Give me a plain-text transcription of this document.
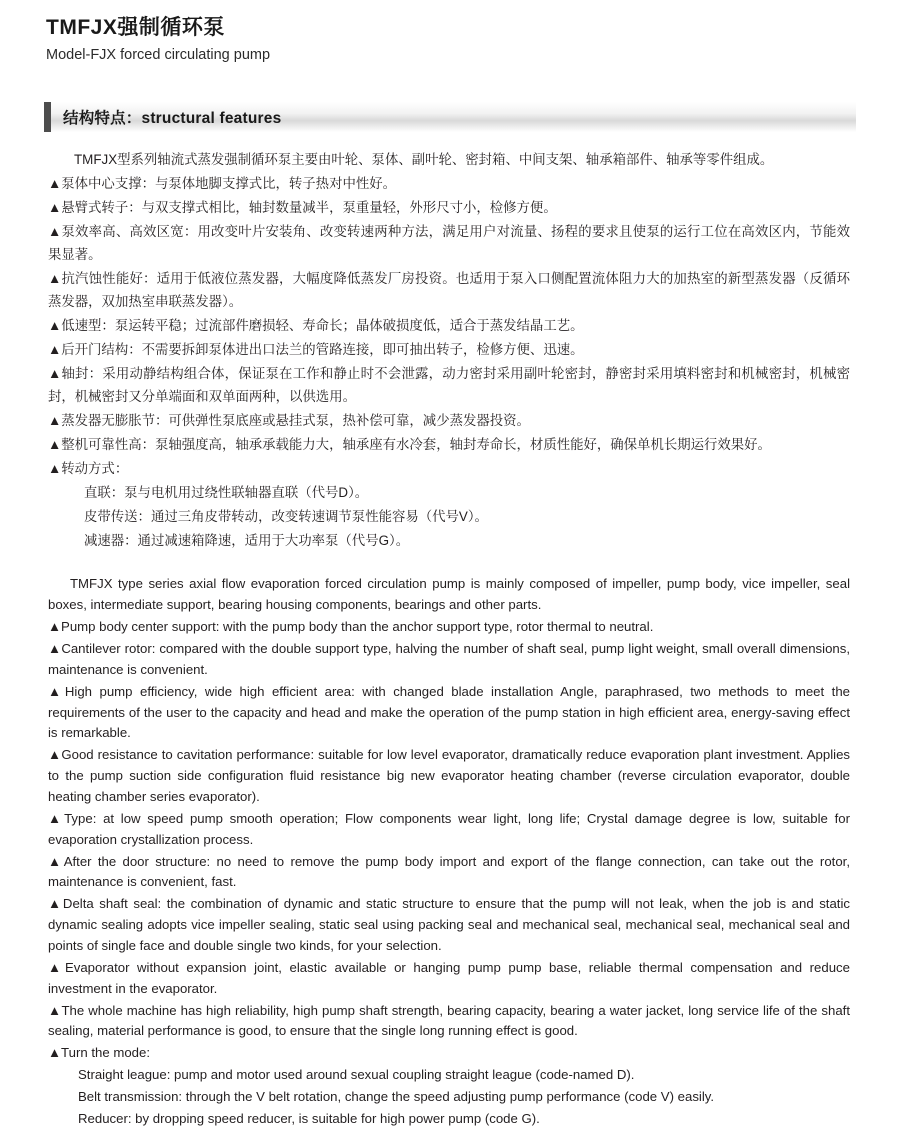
TMFJX强制循环泵
Model-FJX forced circulating pump
结构特点：structural features
TMFJX型系列轴流式蒸发强制循环泵主要由叶轮、泵体、副叶轮、密封箱、中间支架、轴承箱部件、轴承等零件组成。
▲泵体中心支撑：与泵体地脚支撑式比，转子热对中性好。
▲悬臂式转子：与双支撑式相比，轴封数量减半，泵重量轻，外形尺寸小，检修方便。
▲泵效率高、高效区宽：用改变叶片安装角、改变转速两种方法，满足用户对流量、扬程的要求且使泵的运行工位在高效区内，节能效果显著。
▲抗汽蚀性能好：适用于低液位蒸发器，大幅度降低蒸发厂房投资。也适用于泵入口侧配置流体阻力大的加热室的新型蒸发器（反循环蒸发器，双加热室串联蒸发器）。
▲低速型：泵运转平稳；过流部件磨损轻、寿命长；晶体破损度低，适合于蒸发结晶工艺。
▲后开门结构：不需要拆卸泵体进出口法兰的管路连接，即可抽出转子，检修方便、迅速。
▲轴封：采用动静结构组合体，保证泵在工作和静止时不会泄露，动力密封采用副叶轮密封，静密封采用填料密封和机械密封，机械密封，机械密封又分单端面和双单面两种，以供选用。
▲蒸发器无膨胀节：可供弹性泵底座或悬挂式泵，热补偿可靠，减少蒸发器投资。
▲整机可靠性高：泵轴强度高，轴承承载能力大，轴承座有水冷套，轴封寿命长，材质性能好，确保单机长期运行效果好。
▲转动方式：
直联：泵与电机用过绕性联轴器直联（代号D）。
皮带传送：通过三角皮带转动，改变转速调节泵性能容易（代号V）。
减速器：通过减速箱降速，适用于大功率泵（代号G）。
TMFJX type series axial flow evaporation forced circulation pump is mainly composed of impeller, pump body, vice impeller, seal boxes, intermediate support, bearing housing components, bearings and other parts.
▲Pump body center support: with the pump body than the anchor support type, rotor thermal to neutral.
▲Cantilever rotor: compared with the double support type, halving the number of shaft seal, pump light weight, small overall dimensions, maintenance is convenient.
▲High pump efficiency, wide high efficient area: with changed blade installation Angle, paraphrased, two methods to meet the requirements of the user to the capacity and head and make the operation of the pump station in high efficient area, energy-saving effect is remarkable.
▲Good resistance to cavitation performance: suitable for low level evaporator, dramatically reduce evaporation plant investment. Applies to the pump suction side configuration fluid resistance big new evaporator heating chamber (reverse circulation evaporator, double heating chamber series evaporator).
▲Type: at low speed pump smooth operation; Flow components wear light, long life; Crystal damage degree is low, suitable for evaporation crystallization process.
▲After the door structure: no need to remove the pump body import and export of the flange connection, can take out the rotor, maintenance is convenient, fast.
▲Delta shaft seal: the combination of dynamic and static structure to ensure that the pump will not leak, when the job is and static dynamic sealing adopts vice impeller sealing, static seal using packing seal and mechanical seal, mechanical seal, mechanical seal and points of single face and double single two kinds, for your selection.
▲Evaporator without expansion joint, elastic available or hanging pump pump base, reliable thermal compensation and reduce investment in the evaporator.
▲The whole machine has high reliability, high pump shaft strength, bearing capacity, bearing a water jacket, long service life of the shaft sealing, material performance is good, to ensure that the single long running effect is good.
▲Turn the mode:
Straight league: pump and motor used around sexual coupling straight league (code-named D).
Belt transmission: through the V belt rotation, change the speed adjusting pump performance (code V) easily.
Reducer: by dropping speed reducer, is suitable for high power pump (code G).
